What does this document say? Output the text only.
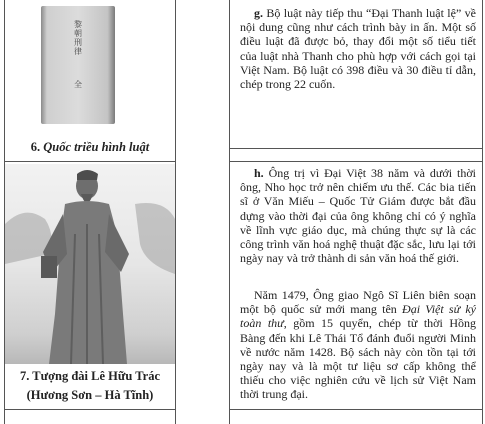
黎朝刑律
全
6. Quốc triều hình luật
7. Tượng đài Lê Hữu Trác
(Hương Sơn – Hà Tĩnh)

g. Bộ luật này tiếp thu “Đại Thanh luật lệ” về nội dung cũng như cách trình bày in ấn. Một số điều luật đã được bỏ, thay đổi một số tiểu tiết của luật nhà Thanh cho phù hợp với cách gọi tại Việt Nam. Bộ luật có 398 điều và 30 điều tỉ dẫn, chép trong 22 cuốn.

h. Ông trị vì Đại Việt 38 năm và dưới thời ông, Nho học trở nên chiếm ưu thế. Các bia tiến sĩ ở Văn Miếu – Quốc Tử Giám được bắt đầu dựng vào thời đại của ông không chỉ có ý nghĩa về lĩnh vực giáo dục, mà chúng thực sự là các công trình văn hoá nghệ thuật đặc sắc, lưu lại tới ngày nay và trở thành di sản văn hoá thế giới.

Năm 1479, Ông giao Ngô Sĩ Liên biên soạn một bộ quốc sử mới mang tên Đại Việt sử ký toàn thư, gồm 15 quyển, chép từ thời Hồng Bàng đến khi Lê Thái Tổ đánh đuổi người Minh về nước năm 1428. Bộ sách này còn tồn tại tới ngày nay và là một tư liệu sơ cấp không thể thiếu cho việc nghiên cứu về lịch sử Việt Nam thời trung đại.
